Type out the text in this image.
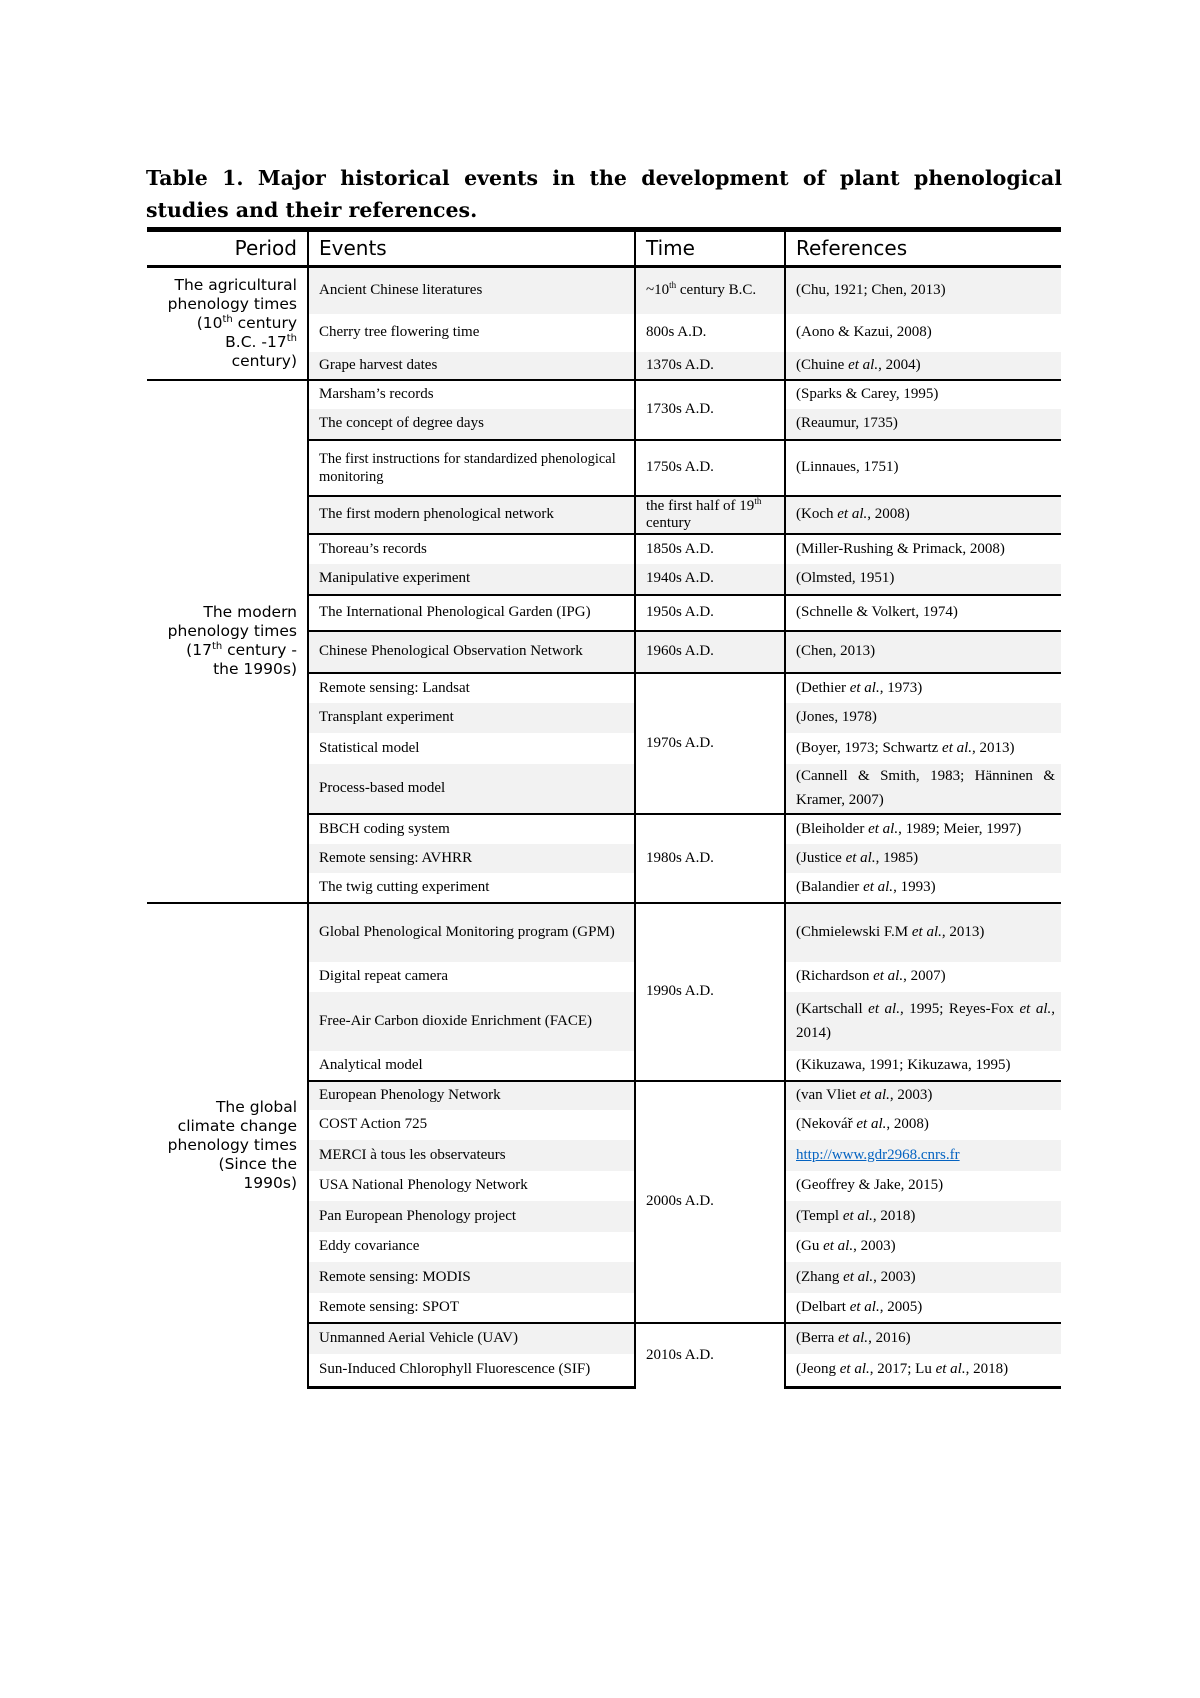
Table 1. Major historical events in the development of plant phenological studies and their references.

Period	Events	Time	References
The agricultural
phenology times
(10th century
B.C. -17th
century)	Ancient Chinese literatures	~10th century B.C.	(Chu, 1921; Chen, 2013)
	Cherry tree flowering time	800s A.D.	(Aono & Kazui, 2008)
	Grape harvest dates	1370s A.D.	(Chuine et al., 2004)
The modern
phenology times
(17th century -
the 1990s)	Marsham’s records	1730s A.D.	(Sparks & Carey, 1995)
	The concept of degree days		(Reaumur, 1735)
	The first instructions for standardized phenological monitoring	1750s A.D.	(Linnaues, 1751)
	The first modern phenological network	the first half of 19th century	(Koch et al., 2008)
	Thoreau’s records	1850s A.D.	(Miller-Rushing & Primack, 2008)
	Manipulative experiment	1940s A.D.	(Olmsted, 1951)
	The International Phenological Garden (IPG)	1950s A.D.	(Schnelle & Volkert, 1974)
	Chinese Phenological Observation Network	1960s A.D.	(Chen, 2013)
	Remote sensing: Landsat	1970s A.D.	(Dethier et al., 1973)
	Transplant experiment		(Jones, 1978)
	Statistical model		(Boyer, 1973; Schwartz et al., 2013)
	Process-based model		(Cannell & Smith, 1983; Hänninen & Kramer, 2007)
	BBCH coding system	1980s A.D.	(Bleiholder et al., 1989; Meier, 1997)
	Remote sensing: AVHRR		(Justice et al., 1985)
	The twig cutting experiment		(Balandier et al., 1993)
The global
climate change
phenology times
(Since the
1990s)	Global Phenological Monitoring program (GPM)	1990s A.D.	(Chmielewski F.M et al., 2013)
	Digital repeat camera		(Richardson et al., 2007)
	Free-Air Carbon dioxide Enrichment (FACE)		(Kartschall et al., 1995; Reyes-Fox et al., 2014)
	Analytical model		(Kikuzawa, 1991; Kikuzawa, 1995)
	European Phenology Network	2000s A.D.	(van Vliet et al., 2003)
	COST Action 725		(Nekovář et al., 2008)
	MERCI à tous les observateurs		http://www.gdr2968.cnrs.fr
	USA National Phenology Network		(Geoffrey & Jake, 2015)
	Pan European Phenology project		(Templ et al., 2018)
	Eddy covariance		(Gu et al., 2003)
	Remote sensing: MODIS		(Zhang et al., 2003)
	Remote sensing: SPOT		(Delbart et al., 2005)
	Unmanned Aerial Vehicle (UAV)	2010s A.D.	(Berra et al., 2016)
	Sun-Induced Chlorophyll Fluorescence (SIF)		(Jeong et al., 2017; Lu et al., 2018)
